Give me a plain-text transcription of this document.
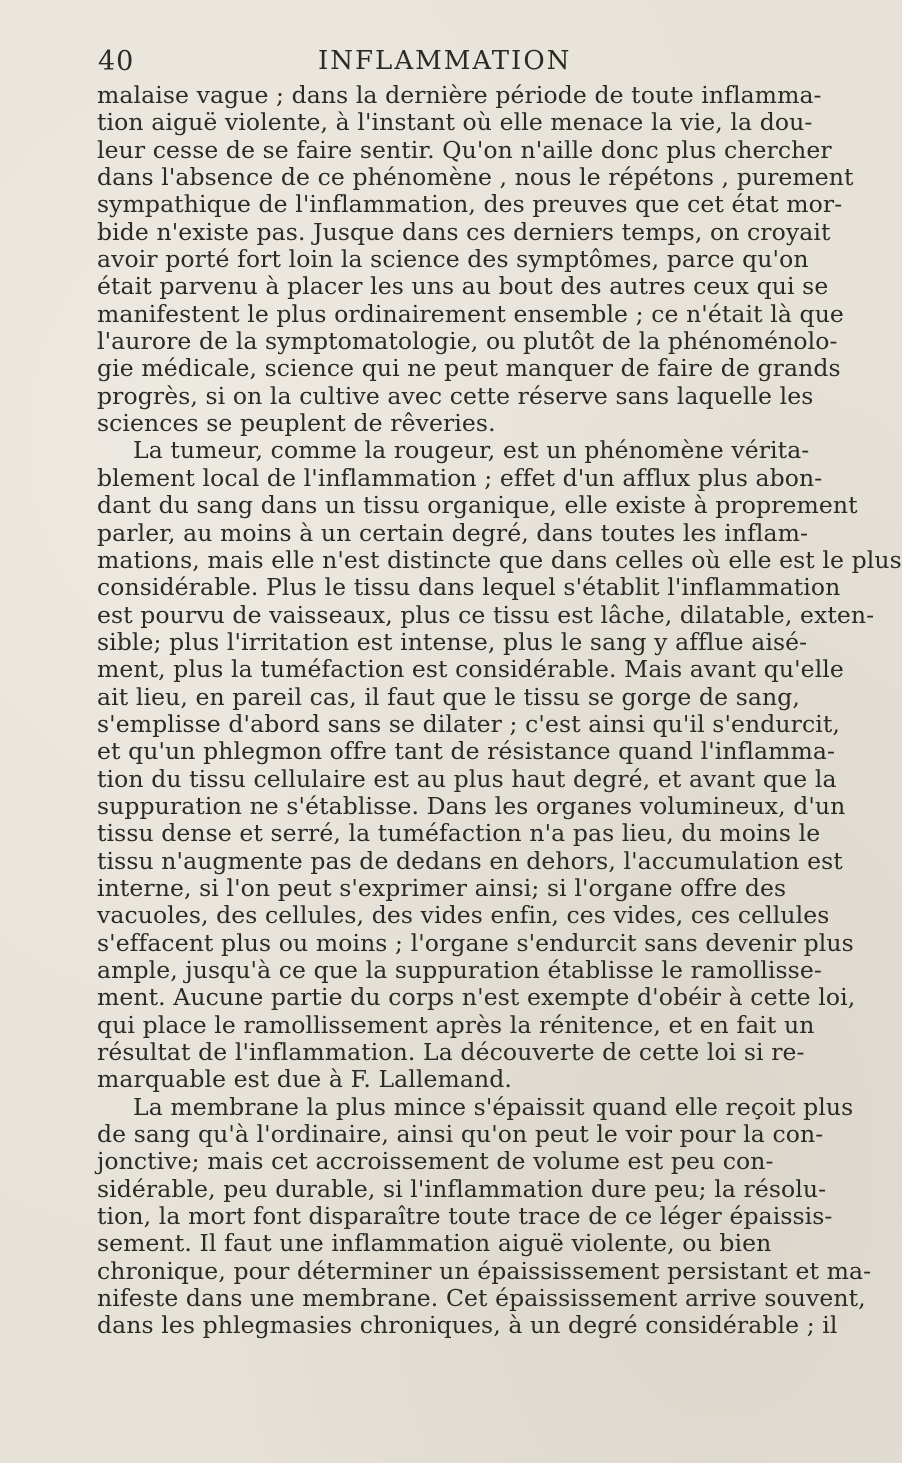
40	INFLAMMATION
malaise vague ; dans la dernière période de toute inflamma-
tion aiguë violente, à l'instant où elle menace la vie, la dou-
leur cesse de se faire sentir. Qu'on n'aille donc plus chercher
dans l'absence de ce phénomène , nous le répétons , purement
sympathique de l'inflammation, des preuves que cet état mor-
bide n'existe pas. Jusque dans ces derniers temps, on croyait
avoir porté fort loin la science des symptômes, parce qu'on
était parvenu à placer les uns au bout des autres ceux qui se
manifestent le plus ordinairement ensemble ; ce n'était là que
l'aurore de la symptomatologie, ou plutôt de la phénoménolo-
gie médicale, science qui ne peut manquer de faire de grands
progrès, si on la cultive avec cette réserve sans laquelle les
sciences se peuplent de rêveries.
La tumeur, comme la rougeur, est un phénomène vérita-
blement local de l'inflammation ; effet d'un afflux plus abon-
dant du sang dans un tissu organique, elle existe à proprement
parler, au moins à un certain degré, dans toutes les inflam-
mations, mais elle n'est distincte que dans celles où elle est le plus
considérable. Plus le tissu dans lequel s'établit l'inflammation
est pourvu de vaisseaux, plus ce tissu est lâche, dilatable, exten-
sible; plus l'irritation est intense, plus le sang y afflue aisé-
ment, plus la tuméfaction est considérable. Mais avant qu'elle
ait lieu, en pareil cas, il faut que le tissu se gorge de sang,
s'emplisse d'abord sans se dilater ; c'est ainsi qu'il s'endurcit,
et qu'un phlegmon offre tant de résistance quand l'inflamma-
tion du tissu cellulaire est au plus haut degré, et avant que la
suppuration ne s'établisse. Dans les organes volumineux, d'un
tissu dense et serré, la tuméfaction n'a pas lieu, du moins le
tissu n'augmente pas de dedans en dehors, l'accumulation est
interne, si l'on peut s'exprimer ainsi; si l'organe offre des
vacuoles, des cellules, des vides enfin, ces vides, ces cellules
s'effacent plus ou moins ; l'organe s'endurcit sans devenir plus
ample, jusqu'à ce que la suppuration établisse le ramollisse-
ment. Aucune partie du corps n'est exempte d'obéir à cette loi,
qui place le ramollissement après la rénitence, et en fait un
résultat de l'inflammation. La découverte de cette loi si re-
marquable est due à F. Lallemand.
La membrane la plus mince s'épaissit quand elle reçoit plus
de sang qu'à l'ordinaire, ainsi qu'on peut le voir pour la con-
jonctive; mais cet accroissement de volume est peu con-
sidérable, peu durable, si l'inflammation dure peu; la résolu-
tion, la mort font disparaître toute trace de ce léger épaissis-
sement. Il faut une inflammation aiguë violente, ou bien
chronique, pour déterminer un épaississement persistant et ma-
nifeste dans une membrane. Cet épaississement arrive souvent,
dans les phlegmasies chroniques, à un degré considérable ; il
